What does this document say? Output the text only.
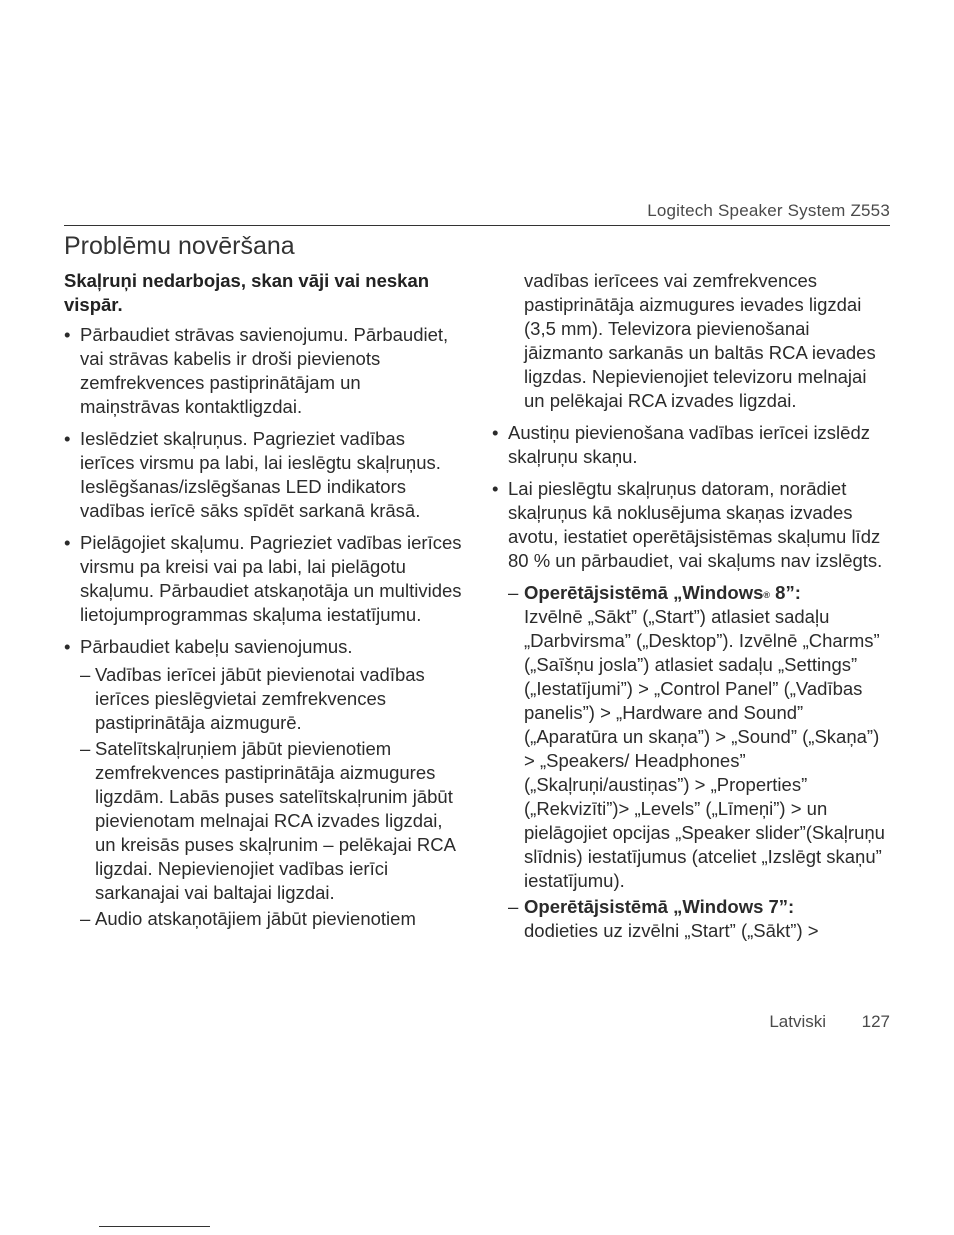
Logitech Speaker System Z553
Problēmu novēršana

Skaļruņi nedarbojas, skan vāji vai neskan vispār.

• Pārbaudiet strāvas savienojumu. Pārbaudiet, vai strāvas kabelis ir droši pievienots zemfrekvences pastiprinātājam un maiņstrāvas kontaktligzdai.
• Ieslēdziet skaļruņus. Pagrieziet vadības ierīces virsmu pa labi, lai ieslēgtu skaļruņus. Ieslēgšanas/izslēgšanas LED indikators vadības ierīcē sāks spīdēt sarkanā krāsā.
• Pielāgojiet skaļumu. Pagrieziet vadības ierīces virsmu pa kreisi vai pa labi, lai pielāgotu skaļumu. Pārbaudiet atskaņotāja un multivides lietojumprogrammas skaļuma iestatījumu.
• Pārbaudiet kabeļu savienojumus.
– Vadības ierīcei jābūt pievienotai vadības ierīces pieslēgvietai zemfrekvences pastiprinātāja aizmugurē.
– Satelītskaļruņiem jābūt pievienotiem zemfrekvences pastiprinātāja aizmugures ligzdām. Labās puses satelītskaļrunim jābūt pievienotam melnajai RCA izvades ligzdai, un kreisās puses skaļrunim – pelēkajai RCA ligzdai. Nepievienojiet vadības ierīci sarkanajai vai baltajai ligzdai.
– Audio atskaņotājiem jābūt pievienotiem
vadības ierīcees vai zemfrekvences pastiprinātāja aizmugures ievades ligzdai (3,5 mm). Televizora pievienošanai jāizmanto sarkanās un baltās RCA ievades ligzdas. Nepievienojiet televizoru melnajai un pelēkajai RCA izvades ligzdai.
• Austiņu pievienošana vadības ierīcei izslēdz skaļruņu skaņu.
• Lai pieslēgtu skaļruņus datoram, norādiet skaļruņus kā noklusējuma skaņas izvades avotu, iestatiet operētājsistēmas skaļumu līdz 80 % un pārbaudiet, vai skaļums nav izslēgts.
– Operētājsistēmā „Windows® 8”:
Izvēlnē „Sākt” („Start”) atlasiet sadaļu „Darbvirsma” („Desktop”). Izvēlnē „Charms” („Saīšņu josla”) atlasiet sadaļu „Settings” („Iestatījumi”) > „Control Panel” („Vadības panelis”) > „Hardware and Sound” („Aparatūra un skaņa”) > „Sound” („Skaņa”) > „Speakers/ Headphones” („Skaļruņi/austiņas”) > „Properties” („Rekvizīti”)> „Levels” („Līmeņi”) > un pielāgojiet opcijas „Speaker slider”(Skaļruņu slīdnis) iestatījumus (atceliet „Izslēgt skaņu” iestatījumu).
– Operētājsistēmā „Windows 7”:
dodieties uz izvēlni „Start” („Sākt”) >
Latviski 127
